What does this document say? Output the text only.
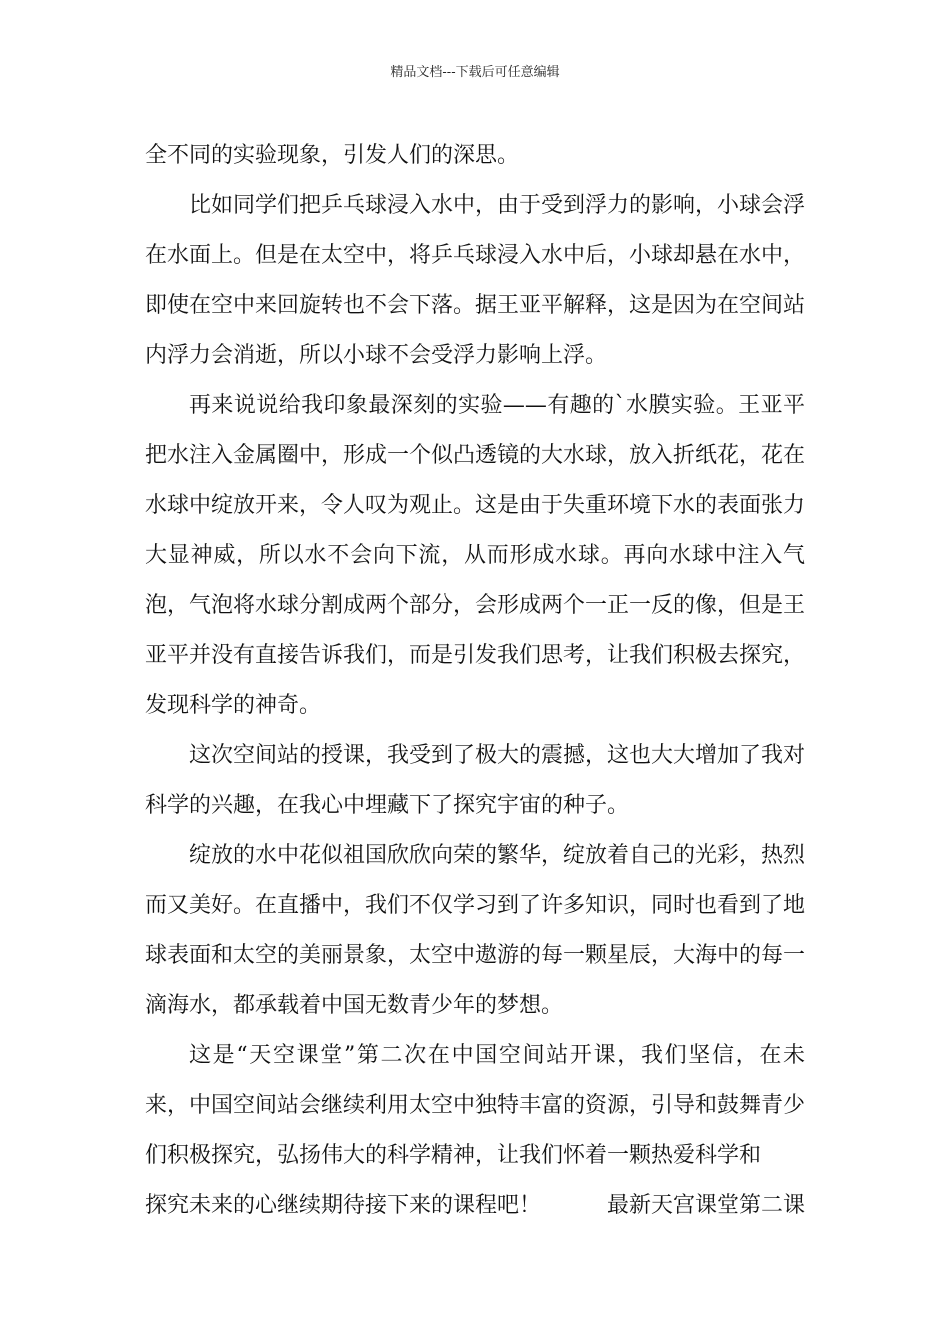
精品文档---下载后可任意编辑

全不同的实验现象，引发人们的深思。

比如同学们把乒乓球浸入水中，由于受到浮力的影响，小球会浮在水面上。但是在太空中，将乒乓球浸入水中后，小球却悬在水中，即使在空中来回旋转也不会下落。据王亚平解释，这是因为在空间站内浮力会消逝，所以小球不会受浮力影响上浮。

再来说说给我印象最深刻的实验——有趣的`水膜实验。王亚平把水注入金属圈中，形成一个似凸透镜的大水球，放入折纸花，花在水球中绽放开来，令人叹为观止。这是由于失重环境下水的表面张力大显神威，所以水不会向下流，从而形成水球。再向水球中注入气泡，气泡将水球分割成两个部分，会形成两个一正一反的像，但是王亚平并没有直接告诉我们，而是引发我们思考，让我们积极去探究，发现科学的神奇。

这次空间站的授课，我受到了极大的震撼，这也大大增加了我对科学的兴趣，在我心中埋藏下了探究宇宙的种子。

绽放的水中花似祖国欣欣向荣的繁华，绽放着自己的光彩，热烈而又美好。在直播中，我们不仅学习到了许多知识，同时也看到了地球表面和太空的美丽景象，太空中遨游的每一颗星辰，大海中的每一滴海水，都承载着中国无数青少年的梦想。

这是“天空课堂”第二次在中国空间站开课，我们坚信，在未来，中国空间站会继续利用太空中独特丰富的资源，引导和鼓舞青少们积极探究，弘扬伟大的科学精神，让我们怀着一颗热爱科学和

探究未来的心继续期待接下来的课程吧！	最新天宫课堂第二课
